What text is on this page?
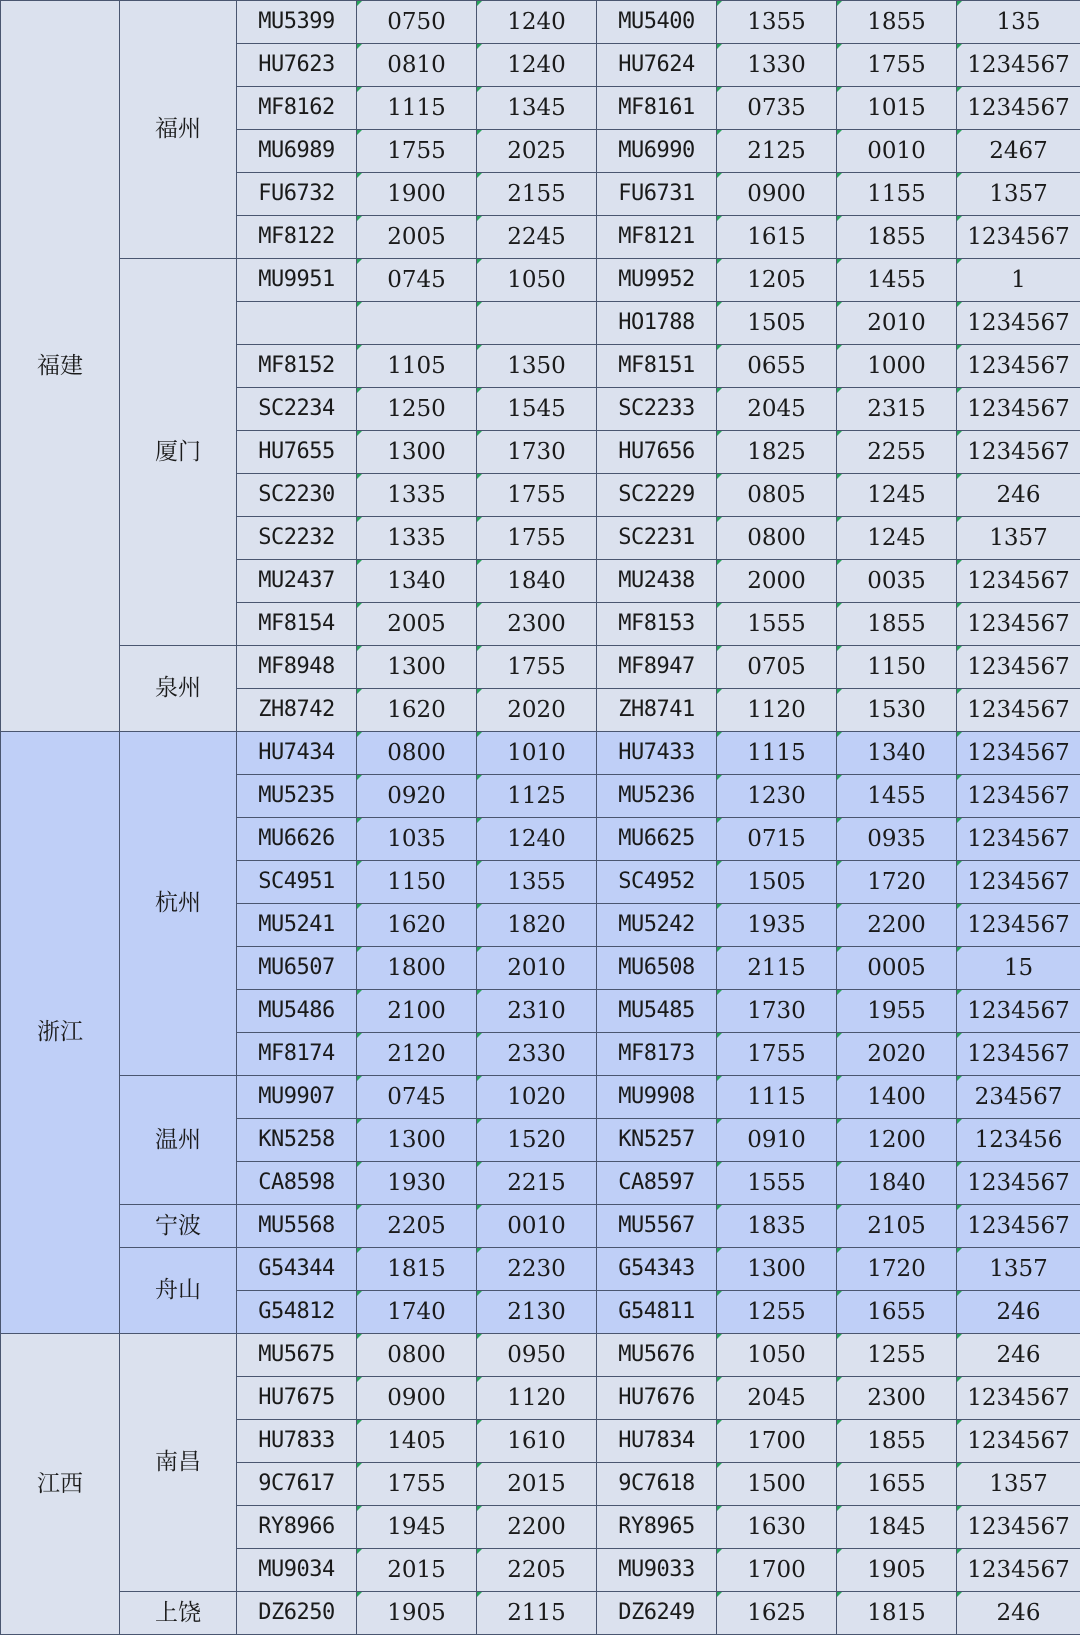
福建	福州	MU5399	0750	1240	MU5400	1355	1855	135
		HU7623	0810	1240	HU7624	1330	1755	1234567
		MF8162	1115	1345	MF8161	0735	1015	1234567
		MU6989	1755	2025	MU6990	2125	0010	2467
		FU6732	1900	2155	FU6731	0900	1155	1357
		MF8122	2005	2245	MF8121	1615	1855	1234567
	厦门	MU9951	0745	1050	MU9952	1205	1455	1
					HO1788	1505	2010	1234567
		MF8152	1105	1350	MF8151	0655	1000	1234567
		SC2234	1250	1545	SC2233	2045	2315	1234567
		HU7655	1300	1730	HU7656	1825	2255	1234567
		SC2230	1335	1755	SC2229	0805	1245	246
		SC2232	1335	1755	SC2231	0800	1245	1357
		MU2437	1340	1840	MU2438	2000	0035	1234567
		MF8154	2005	2300	MF8153	1555	1855	1234567
	泉州	MF8948	1300	1755	MF8947	0705	1150	1234567
		ZH8742	1620	2020	ZH8741	1120	1530	1234567
浙江	杭州	HU7434	0800	1010	HU7433	1115	1340	1234567
		MU5235	0920	1125	MU5236	1230	1455	1234567
		MU6626	1035	1240	MU6625	0715	0935	1234567
		SC4951	1150	1355	SC4952	1505	1720	1234567
		MU5241	1620	1820	MU5242	1935	2200	1234567
		MU6507	1800	2010	MU6508	2115	0005	15
		MU5486	2100	2310	MU5485	1730	1955	1234567
		MF8174	2120	2330	MF8173	1755	2020	1234567
	温州	MU9907	0745	1020	MU9908	1115	1400	234567
		KN5258	1300	1520	KN5257	0910	1200	123456
		CA8598	1930	2215	CA8597	1555	1840	1234567
	宁波	MU5568	2205	0010	MU5567	1835	2105	1234567
	舟山	G54344	1815	2230	G54343	1300	1720	1357
		G54812	1740	2130	G54811	1255	1655	246
江西	南昌	MU5675	0800	0950	MU5676	1050	1255	246
		HU7675	0900	1120	HU7676	2045	2300	1234567
		HU7833	1405	1610	HU7834	1700	1855	1234567
		9C7617	1755	2015	9C7618	1500	1655	1357
		RY8966	1945	2200	RY8965	1630	1845	1234567
		MU9034	2015	2205	MU9033	1700	1905	1234567
	上饶	DZ6250	1905	2115	DZ6249	1625	1815	246
